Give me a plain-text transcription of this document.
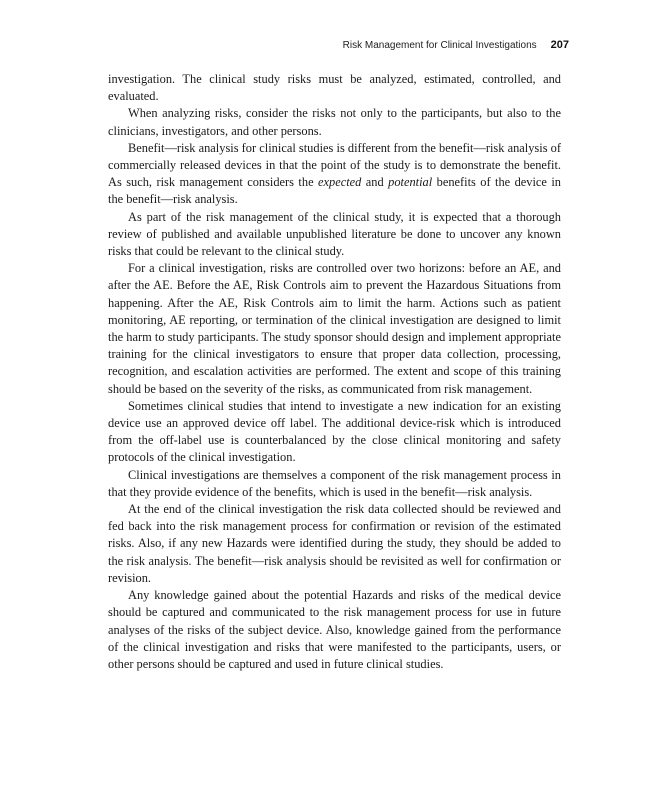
Risk Management for Clinical Investigations 207

investigation. The clinical study risks must be analyzed, estimated, controlled, and evaluated.

When analyzing risks, consider the risks not only to the participants, but also to the clinicians, investigators, and other persons.

Benefit—risk analysis for clinical studies is different from the benefit—risk analysis of commercially released devices in that the point of the study is to demonstrate the benefit. As such, risk management considers the expected and potential benefits of the device in the benefit—risk analysis.

As part of the risk management of the clinical study, it is expected that a thorough review of published and available unpublished literature be done to uncover any known risks that could be relevant to the clinical study.

For a clinical investigation, risks are controlled over two horizons: before an AE, and after the AE. Before the AE, Risk Controls aim to prevent the Hazardous Situations from happening. After the AE, Risk Controls aim to limit the harm. Actions such as patient monitoring, AE reporting, or termination of the clinical investigation are designed to limit the harm to study participants. The study sponsor should design and implement appropriate training for the clinical investigators to ensure that proper data collection, processing, recognition, and escalation activities are performed. The extent and scope of this training should be based on the severity of the risks, as communicated from risk management.

Sometimes clinical studies that intend to investigate a new indication for an existing device use an approved device off label. The additional device-risk which is introduced from the off-label use is counterbalanced by the close clinical monitoring and safety protocols of the clinical investigation.

Clinical investigations are themselves a component of the risk management process in that they provide evidence of the benefits, which is used in the benefit—risk analysis.

At the end of the clinical investigation the risk data collected should be reviewed and fed back into the risk management process for confirmation or revision of the estimated risks. Also, if any new Hazards were identified during the study, they should be added to the risk analysis. The benefit—risk analysis should be revisited as well for confirmation or revision.

Any knowledge gained about the potential Hazards and risks of the medical device should be captured and communicated to the risk management process for use in future analyses of the risks of the subject device. Also, knowledge gained from the performance of the clinical investigation and risks that were manifested to the participants, users, or other persons should be captured and used in future clinical studies.
